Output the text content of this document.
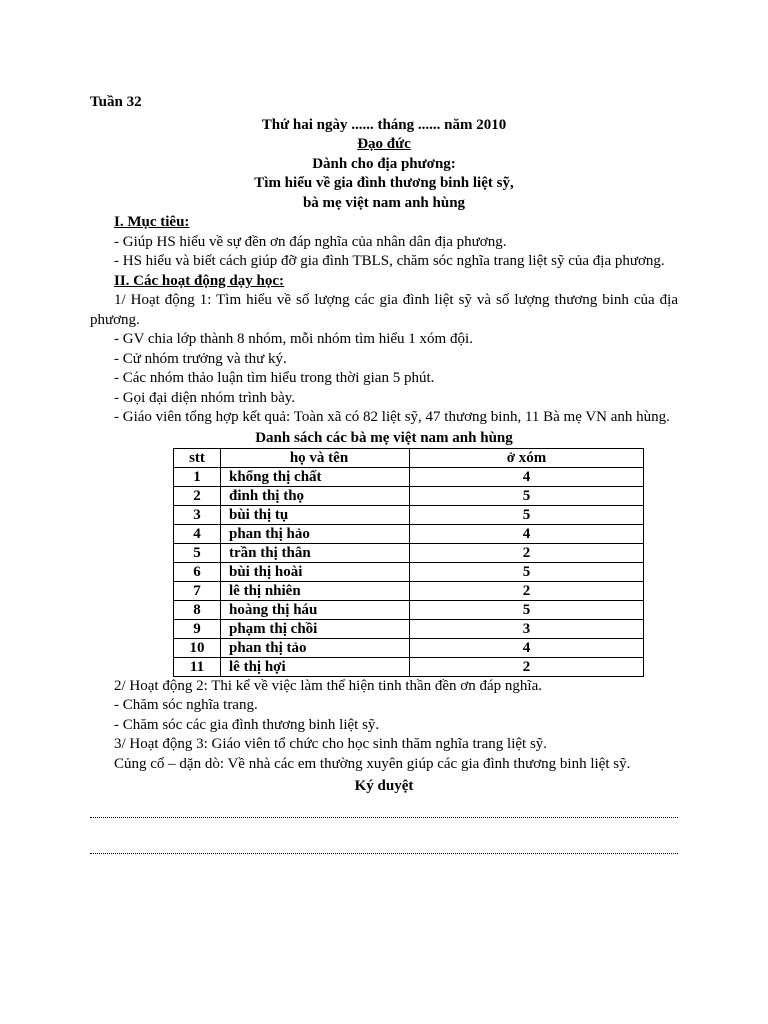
Tuần 32
Thứ hai ngày ...... tháng ...... năm 2010
Đạo đức
Dành cho địa phương:
Tìm hiểu về gia đình thương binh liệt sỹ,
bà mẹ việt nam anh hùng
I. Mục tiêu:
- Giúp HS hiểu về sự đền ơn đáp nghĩa của nhân dân địa phương.
- HS hiểu và biết cách giúp đỡ gia đình TBLS, chăm sóc nghĩa trang liệt sỹ của địa phương.
II. Các hoạt động dạy học:
1/ Hoạt động 1: Tìm hiểu về số lượng các gia đình liệt sỹ và số lượng thương binh của địa phương.
- GV chia lớp thành 8 nhóm, mỗi nhóm tìm hiểu 1 xóm đội.
- Cử nhóm trưởng và thư ký.
- Các nhóm thảo luận tìm hiểu trong thời gian 5 phút.
- Gọi đại diện nhóm trình bày.
- Giáo viên tổng hợp kết quả: Toàn xã có 82 liệt sỹ, 47 thương binh, 11 Bà mẹ VN anh hùng.
Danh sách các bà mẹ việt nam anh hùng
stt	họ và tên	ở xóm
1	khổng thị chất	4
2	đinh thị thọ	5
3	bùi thị tụ	5
4	phan thị hảo	4
5	trần thị thân	2
6	bùi thị hoài	5
7	lê thị nhiên	2
8	hoàng thị háu	5
9	phạm thị chồi	3
10	phan thị tảo	4
11	lê thị hợi	2
2/ Hoạt động 2: Thi kể về việc làm thể hiện tinh thần đền ơn đáp nghĩa.
- Chăm sóc nghĩa trang.
- Chăm sóc các gia đình thương binh liệt sỹ.
3/ Hoạt động 3: Giáo viên tổ chức cho học sinh thăm nghĩa trang liệt sỹ.
Củng cố – dặn dò: Về nhà các em thường xuyên giúp các gia đình thương binh liệt sỹ.
Ký duyệt
